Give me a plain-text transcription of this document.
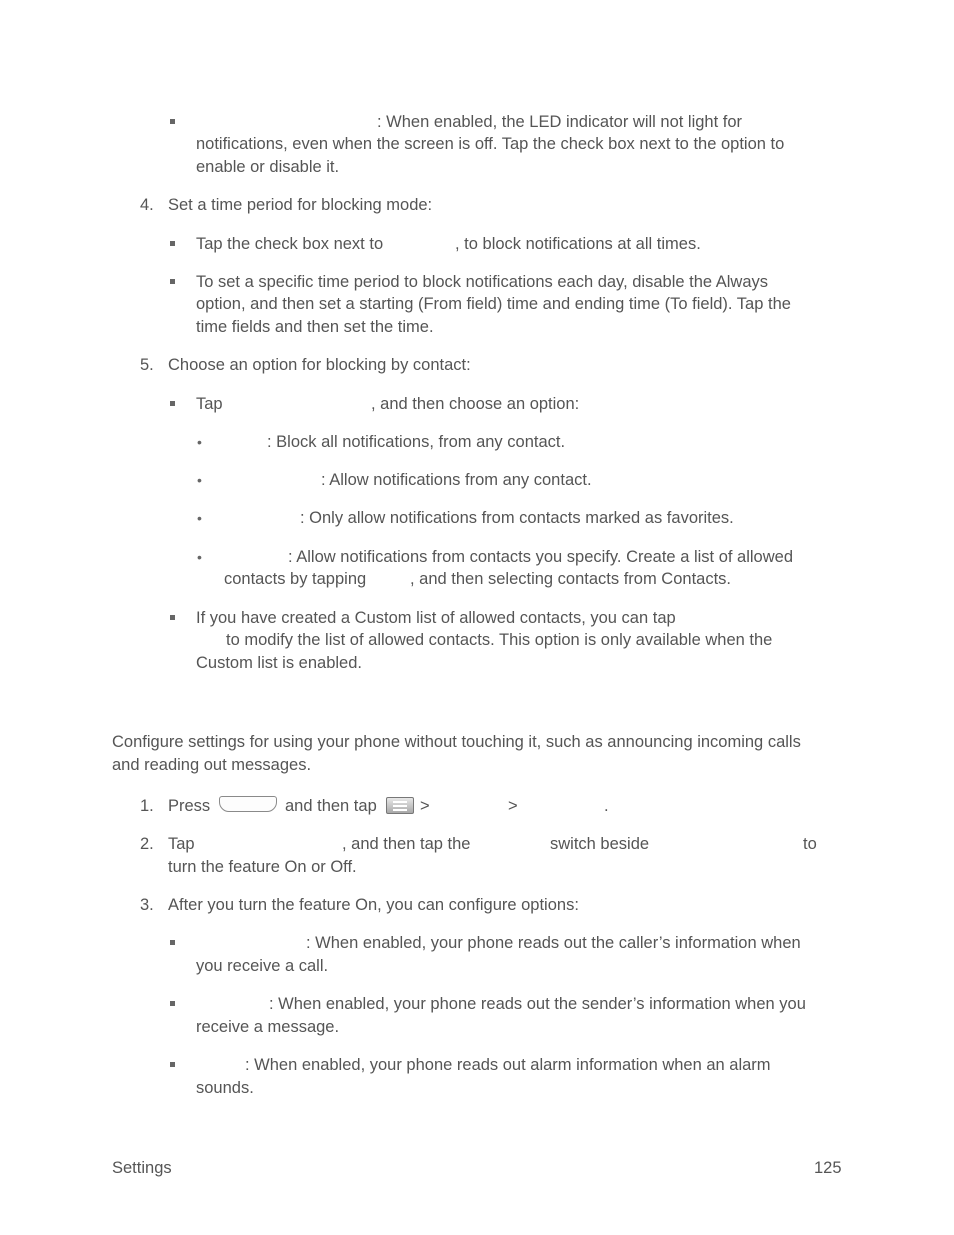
: When enabled, the LED indicator will not light for
notifications, even when the screen is off. Tap the check box next to the option to
enable or disable it.
4. Set a time period for blocking mode:
Tap the check box next to	, to block notifications at all times.
To set a specific time period to block notifications each day, disable the Always
option, and then set a starting (From field) time and ending time (To field). Tap the
time fields and then set the time.
5. Choose an option for blocking by contact:
Tap	, and then choose an option:
•	: Block all notifications, from any contact.
•	: Allow notifications from any contact.
•	: Only allow notifications from contacts marked as favorites.
•	: Allow notifications from contacts you specify. Create a list of allowed
contacts by tapping	, and then selecting contacts from Contacts.
If you have created a Custom list of allowed contacts, you can tap
to modify the list of allowed contacts. This option is only available when the
Custom list is enabled.
Configure settings for using your phone without touching it, such as announcing incoming calls
and reading out messages.
1. Press	and then tap	>	>	.
2. Tap	, and then tap the	switch beside	to
turn the feature On or Off.
3. After you turn the feature On, you can configure options:
: When enabled, your phone reads out the caller’s information when
you receive a call.
: When enabled, your phone reads out the sender’s information when you
receive a message.
: When enabled, your phone reads out alarm information when an alarm
sounds.
Settings	125
